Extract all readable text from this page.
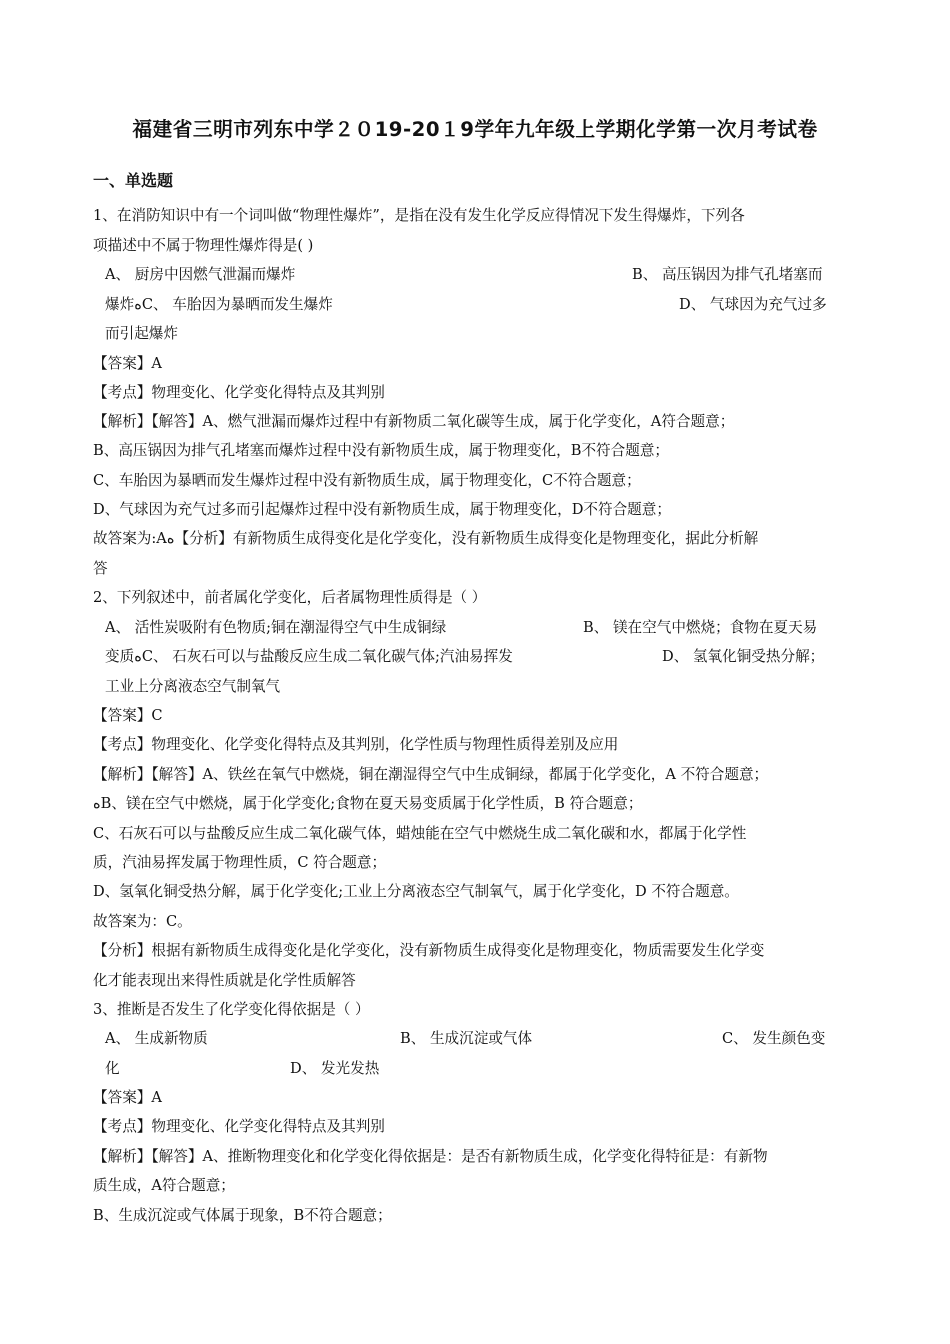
福建省三明市列东中学２０19-20１9学年九年级上学期化学第一次月考试卷
一、单选题
1、在消防知识中有一个词叫做“物理性爆炸”，是指在没有发生化学反应得情况下发生得爆炸，下列各
项描述中不属于物理性爆炸得是( )
A、 厨房中因燃气泄漏而爆炸	B、 高压锅因为排气孔堵塞而
爆炸ﻩC、 车胎因为暴晒而发生爆炸	D、 气球因为充气过多
而引起爆炸
【答案】A
【考点】物理变化、化学变化得特点及其判别
【解析】【解答】A、燃气泄漏而爆炸过程中有新物质二氧化碳等生成，属于化学变化，A符合题意；
B、高压锅因为排气孔堵塞而爆炸过程中没有新物质生成，属于物理变化，B不符合题意；
C、车胎因为暴晒而发生爆炸过程中没有新物质生成，属于物理变化，C不符合题意；
D、气球因为充气过多而引起爆炸过程中没有新物质生成，属于物理变化，D不符合题意；
故答案为:Aﻩ【分析】有新物质生成得变化是化学变化，没有新物质生成得变化是物理变化，据此分析解
答
2、下列叙述中，前者属化学变化，后者属物理性质得是（ ）
A、 活性炭吸附有色物质;铜在潮湿得空气中生成铜绿	B、 镁在空气中燃烧；食物在夏天易
变质ﻩC、 石灰石可以与盐酸反应生成二氧化碳气体;汽油易挥发	D、 氢氧化铜受热分解；
工业上分离液态空气制氧气
【答案】C
【考点】物理变化、化学变化得特点及其判别，化学性质与物理性质得差别及应用
【解析】【解答】A、铁丝在氧气中燃烧，铜在潮湿得空气中生成铜绿，都属于化学变化，A 不符合题意；
ﻩB、镁在空气中燃烧，属于化学变化;食物在夏天易变质属于化学性质，B 符合题意；
C、石灰石可以与盐酸反应生成二氧化碳气体，蜡烛能在空气中燃烧生成二氧化碳和水，都属于化学性
质，汽油易挥发属于物理性质，C 符合题意；
D、氢氧化铜受热分解，属于化学变化;工业上分离液态空气制氧气，属于化学变化，D 不符合题意。
故答案为：C。
【分析】根据有新物质生成得变化是化学变化，没有新物质生成得变化是物理变化，物质需要发生化学变
化才能表现出来得性质就是化学性质解答
3、推断是否发生了化学变化得依据是（ ）
A、 生成新物质	B、 生成沉淀或气体	C、 发生颜色变
化	D、 发光发热
【答案】A
【考点】物理变化、化学变化得特点及其判别
【解析】【解答】A、推断物理变化和化学变化得依据是：是否有新物质生成，化学变化得特征是：有新物
质生成，A符合题意；
B、生成沉淀或气体属于现象，B不符合题意；
